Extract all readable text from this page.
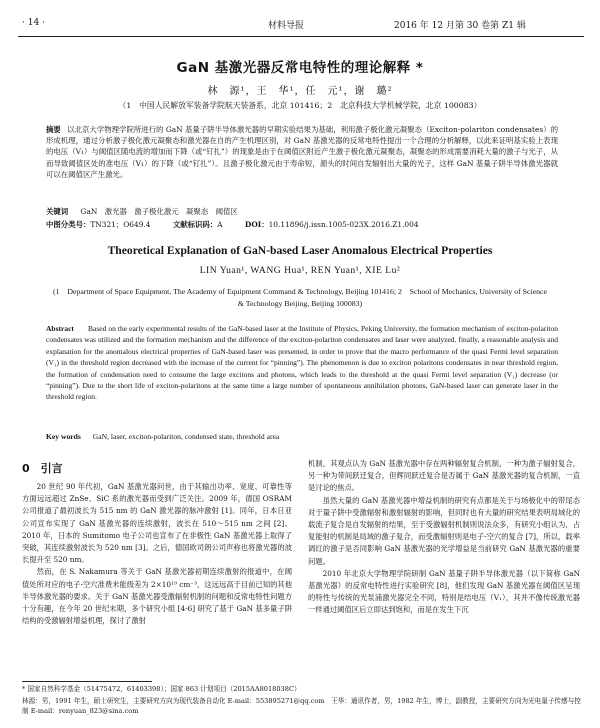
· 14 ·	材料导报	2016 年 12 月第 30 卷第 Z1 辑
GaN 基激光器反常电特性的理论解释 *
林　源¹，王　华¹，任　元¹，谢　璐²
（1　中国人民解放军装备学院航天装备系，北京 101416；2　北京科技大学机械学院，北京 100083）
摘要 以北京大学物理学院所进行的 GaN 基量子阱半导体激光器的早期实验结果为基础，利用激子极化激元凝聚态（Exciton-polariton condensates）的形成机理，通过分析激子极化激元凝聚态和激光器在自的产生机理区别，对 GaN 基激光器的反常电特性提出一个合理的分析解释，以此来证明基实验上表现的电压（V₁）与阈值区随电流的增加而下降（或“钉扎”）的现象是由于在阈值区附近产生激子极化激元凝聚态，凝聚态的形成需要消耗大量的激子与光子，从而导致阈值区处的准电压（V₁）的下降（或“钉扎”）。且激子极化激元由于寿命短，源头的时间自发辐射出大量的光子，这样 GaN 基量子阱半导体激光器就可以在阈值区产生激光。
关键词 GaN　激光器　激子极化激元　凝聚态　阈值区
中图分类号：TN321；O649.4	文献标识码：A	DOI：10.11896/j.issn.1005-023X.2016.Z1.004
Theoretical Explanation of GaN-based Laser Anomalous Electrical Properties
LIN Yuan¹, WANG Hua¹, REN Yuan¹, XIE Lu²
(1　Department of Space Equipment, The Academy of Equipment Command & Technology, Beijing 101416; 2　School of Mechanics, University of Science & Technology Beijing, Beijing 100083)
Abstract Based on the early experimental results of the GaN-based laser at the Institute of Physics, Peking University, the formation mechanism of exciton-polariton condensates was utilized and the formation mechanism and the difference of the exciton-polariton condensates and laser were analyzed. finally, a reasonable analysis and explanation for the anomalous electrical properties of GaN-based laser was presented, in order to prove that the macro performance of the quasi Fermi level separation (V₁) in the threshold region decreased with the increase of the current for “pinning”). The phenomenon is due to exciton polaritons condensates in near threshold region, the formation of condensation need to consume the large excitons and photons, which leads to the threshold at the quasi Fermi level separation (V₁) decrease (or “pinning”). Due to the short life of exciton-polaritons at the same time a large number of spontaneous annihilation photons, GaN-based laser can generate laser in the threshold region.
Key words GaN, laser, exciton-polariton, condensed state, threshold area
0　引言

20 世纪 90 年代初，GaN 基激光器问世，由于其输出功率、宽度、可靠性等方面远远超过 ZnSe、SiC 系的激光器而受到广泛关注。2009 年，德国 OSRAM 公司报道了最初波长为 515 nm 的 GaN 激光器的脉冲激射 [1]。同年，日本日亚公司宣布实现了 GaN 基激光器的连续激射，波长在 510～515 nm 之间 [2]。2010 年，日本的 Sumitomo 电子公司也宣布了在非极性 GaN 基激光器上取得了突破，其连续激射波长为 520 nm [3]。之后，德国欧司朗公司声称也将激光器的波长提升至 520 nm。

然而，在 S. Nakamura 等关于 GaN 基激光器初期连续激射的报道中，在阈值处所对应的电子-空穴准费米能级差为 2×10¹⁹ cm⁻³，这远远高于目前已知的其他半导体激光器的要求。关于 GaN 基激光器受激辐射机制的问题和反常电特性问题方十分有趣，在今年 20 世纪末期，多个研究小组 [4-6] 研究了基于 GaN 基多量子阱结构的受激辐射增益机理，探讨了激射

机制，其观点认为 GaN 基激光器中存在两种辐射复合机制，一种为激子辐射复合，另一种为带间跃迁复合，但辉同跃迁复合是否属于 GaN 基激光器的复合机制，一直是讨论的焦点。

虽然大量的 GaN 基激光器中增益机制的研究有点都是关于与场极化中的带尾态对于量子阱中受激辐射和激射辐射的影响，但同时也有大量的研究结果表明局域化的载流子复合是自发辐射的结果，至于受激辐射机制则说法众多，有研究小组认为，占复能射的机制是局域的激子复合，而受激辐射则是电子-空穴的复合 [7]，所以，载率调红的激子是否同影响 GaN 基激光器的光学增益是当前研究 GaN 基激光器的重要问题。

2010 年北京大学物理学院研制 GaN 基量子阱半导体激光器（以下简称 GaN 基激光器）的反常电特性进行实验研究 [8]，他们发现 GaN 基激光器在阈值区呈现的特性与传统的光泵浦激光器完全不同，特别是结电压（V₁），其并不像传统激光器一样通过阈值区后立即达到饱和，而是在发生下沉

* 国家自然科学基金（51475472，61403398）；国家 863 计划项目（2015AA8018038C）
林源：男，1991 年生，硕士研究生，主要研究方向为现代装备自动化 E-mail：553895271@qq.com　王华：通讯作者，男，1982 年生，博士，副教授，主要研究方向为光电量子传感与控制 E-mail：renyuan_823@sina.com
